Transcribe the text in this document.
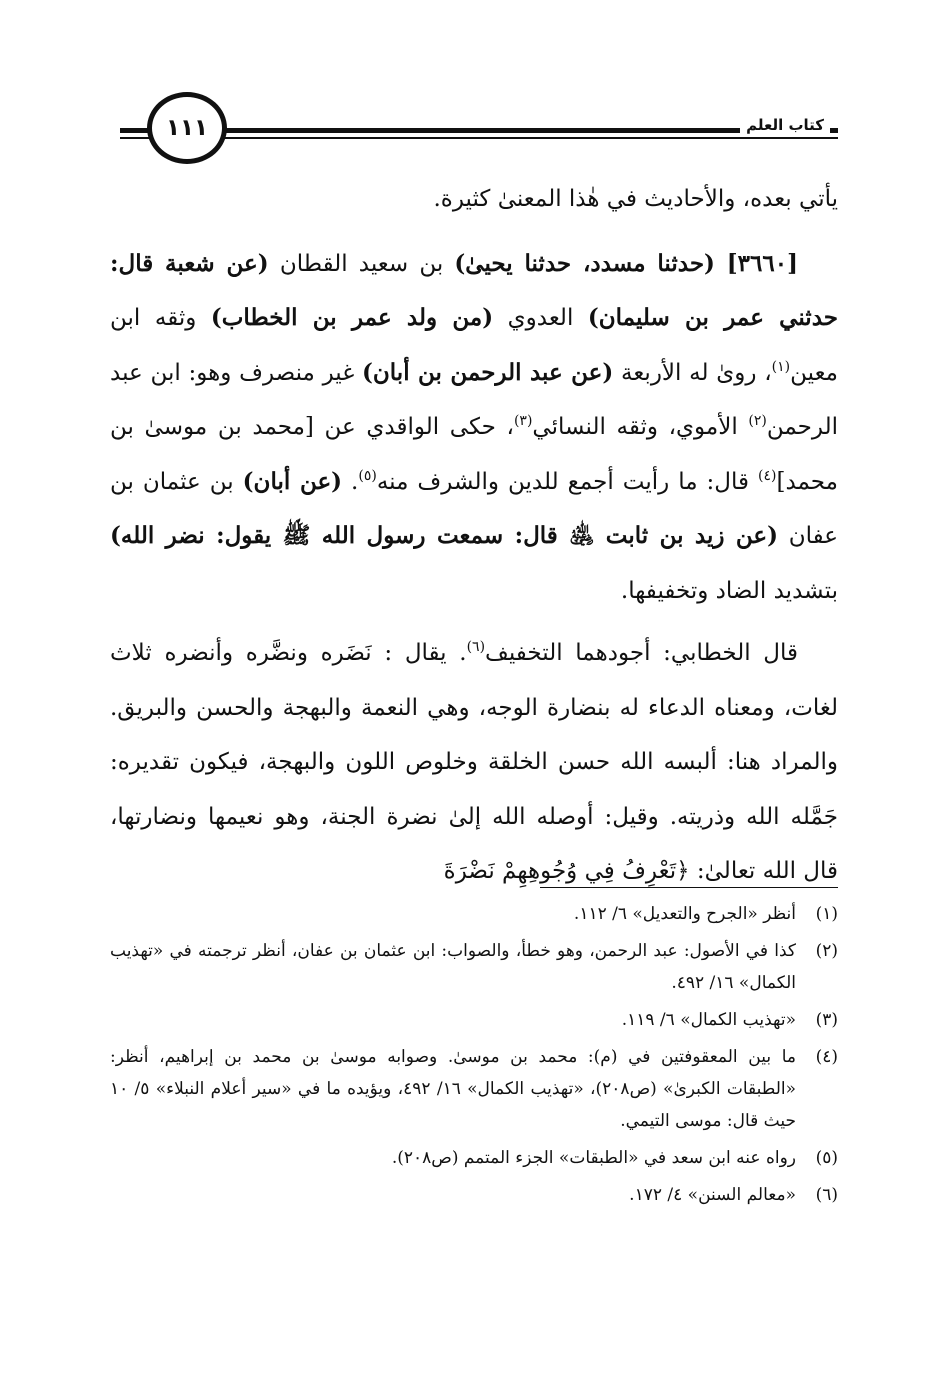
١١١	كتاب العلم

يأتي بعده، والأحاديث في هٰذا المعنىٰ كثيرة.

[٣٦٦٠] (حدثنا مسدد، حدثنا يحيىٰ) بن سعيد القطان (عن شعبة قال: حدثني عمر بن سليمان) العدوي (من ولد عمر بن الخطاب) وثقه ابن معين$^{(١)}$، رویٰ له الأربعة (عن عبد الرحمن بن أبان) غير منصرف وهو: ابن عبد الرحمن$^{(٢)}$ الأموي، وثقه النسائي$^{(٣)}$، حكى الواقدي عن [محمد بن موسىٰ بن محمد]$^{(٤)}$ قال: ما رأيت أجمع للدين والشرف منه$^{(٥)}$. (عن أبان) بن عثمان بن عفان (عن زيد بن ثابت ﵁ قال: سمعت رسول الله ﷺ يقول: نضر الله) بتشديد الضاد وتخفيفها.

قال الخطابي: أجودهما التخفيف$^{(٦)}$. يقال : نَضَره ونضَّره وأنضره ثلاث لغات، ومعناه الدعاء له بنضارة الوجه، وهي النعمة والبهجة والحسن والبريق. والمراد هنا: ألبسه الله حسن الخلقة وخلوص اللون والبهجة، فيكون تقديره: جَمَّله الله وذريته. وقيل: أوصله الله إلىٰ نضرة الجنة، وهو نعيمها ونضارتها، قال الله تعالىٰ: ﴿تَعْرِفُ فِي وُجُوهِهِمْ نَضْرَةَ

(١)
أنظر «الجرح والتعديل» ٦/ ١١٢.
(٢)
كذا في الأصول: عبد الرحمن، وهو خطأ، والصواب: ابن عثمان بن عفان، أنظر ترجمته في «تهذيب الكمال» ١٦/ ٤٩٢.
(٣)
«تهذيب الكمال» ٦/ ١١٩.
(٤)
ما بين المعقوفتين في (م): محمد بن موسىٰ. وصوابه موسىٰ بن محمد بن إبراهيم، أنظر: «الطبقات الكبرىٰ» (ص٢٠٨)، «تهذيب الكمال» ١٦/ ٤٩٢، ويؤيده ما في «سير أعلام النبلاء» ٥/ ١٠ حيث قال: موسى التيمي.
(٥)
رواه عنه ابن سعد في «الطبقات» الجزء المتمم (ص٢٠٨).
(٦)
«معالم السنن» ٤/ ١٧٢.
